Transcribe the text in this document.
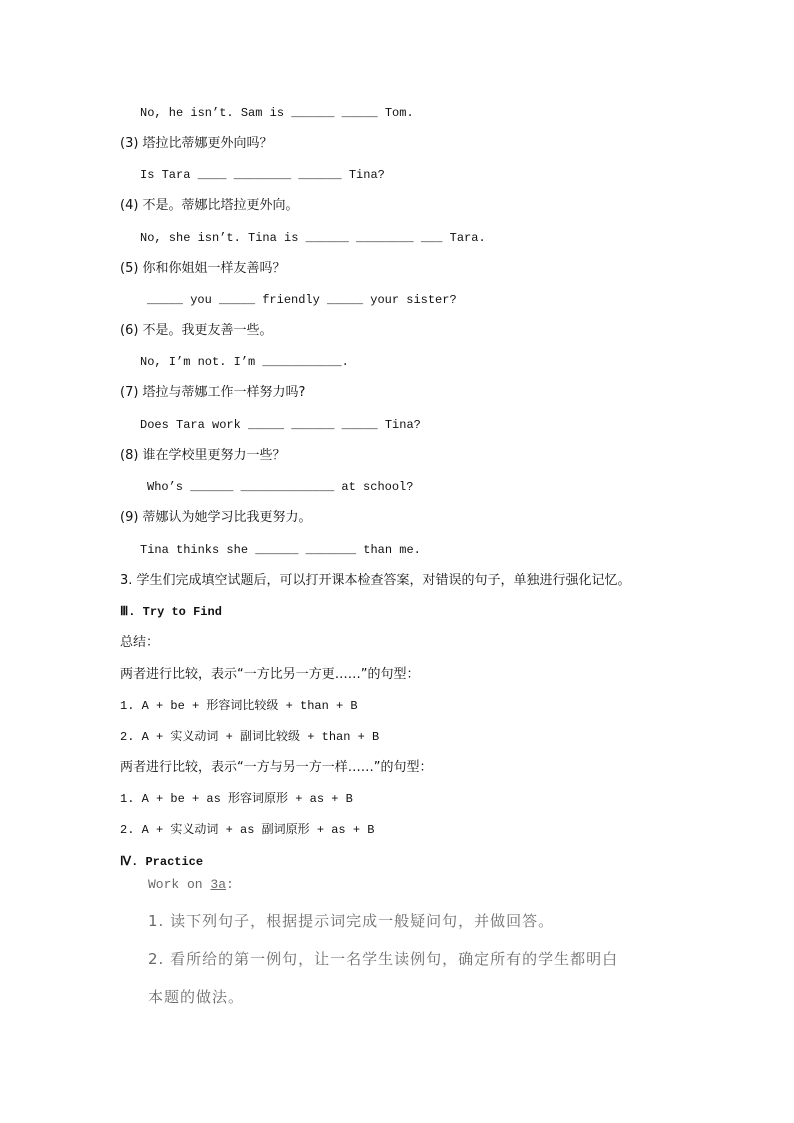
No, he isn’t. Sam is ______ _____ Tom.
(3) 塔拉比蒂娜更外向吗？
Is Tara ____ ________ ______ Tina?
(4) 不是。蒂娜比塔拉更外向。
No, she isn’t. Tina is ______ ________ ___ Tara.
(5) 你和你姐姐一样友善吗？
_____ you _____ friendly _____ your sister?
(6) 不是。我更友善一些。
No, I’m not. I’m ___________.
(7) 塔拉与蒂娜工作一样努力吗?
Does Tara work _____ ______ _____ Tina?
(8) 谁在学校里更努力一些？
Who’s ______ _____________ at school?
(9) 蒂娜认为她学习比我更努力。
Tina thinks she ______ _______ than me.
3. 学生们完成填空试题后，可以打开课本检查答案，对错误的句子，单独进行强化记忆。
Ⅲ. Try to Find
总结：
两者进行比较，表示“一方比另一方更……”的句型：
1. A + be + 形容词比较级 + than + B
2. A + 实义动词 + 副词比较级 + than + B
两者进行比较，表示“一方与另一方一样……”的句型：
1. A + be + as 形容词原形 + as + B
2. A + 实义动词 + as 副词原形 + as + B
Ⅳ. Practice
Work on 3a:
1. 读下列句子，根据提示词完成一般疑问句，并做回答。
2. 看所给的第一例句，让一名学生读例句，确定所有的学生都明白
本题的做法。
